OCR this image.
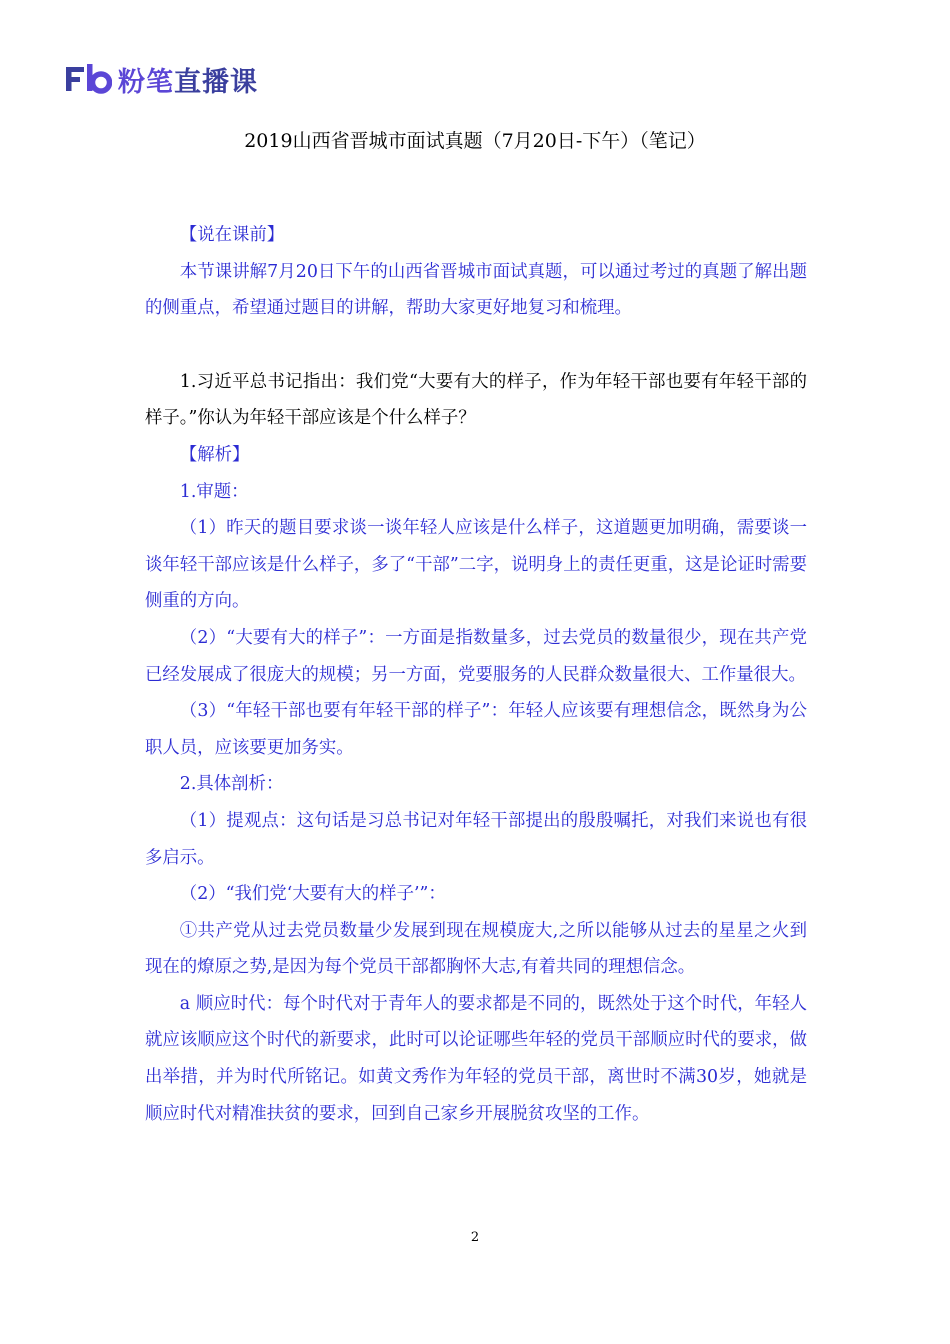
粉笔直播课
2019山西省晋城市面试真题（7月20日-下午）（笔记）

【说在课前】

本节课讲解7月20日下午的山西省晋城市面试真题，可以通过考过的真题了解出题的侧重点，希望通过题目的讲解，帮助大家更好地复习和梳理。

1.习近平总书记指出：我们党“大要有大的样子，作为年轻干部也要有年轻干部的样子。”你认为年轻干部应该是个什么样子？

【解析】

1.审题：

（1）昨天的题目要求谈一谈年轻人应该是什么样子，这道题更加明确，需要谈一谈年轻干部应该是什么样子，多了“干部”二字，说明身上的责任更重，这是论证时需要侧重的方向。

（2）“大要有大的样子”：一方面是指数量多，过去党员的数量很少，现在共产党已经发展成了很庞大的规模；另一方面，党要服务的人民群众数量很大、工作量很大。

（3）“年轻干部也要有年轻干部的样子”：年轻人应该要有理想信念，既然身为公职人员，应该要更加务实。

2.具体剖析：

（1）提观点：这句话是习总书记对年轻干部提出的殷殷嘱托，对我们来说也有很多启示。

（2）“我们党‘大要有大的样子’”：

①共产党从过去党员数量少发展到现在规模庞大,之所以能够从过去的星星之火到现在的燎原之势,是因为每个党员干部都胸怀大志,有着共同的理想信念。

a 顺应时代：每个时代对于青年人的要求都是不同的，既然处于这个时代，年轻人就应该顺应这个时代的新要求，此时可以论证哪些年轻的党员干部顺应时代的要求，做出举措，并为时代所铭记。如黄文秀作为年轻的党员干部，离世时不满30岁，她就是顺应时代对精准扶贫的要求，回到自己家乡开展脱贫攻坚的工作。

2
